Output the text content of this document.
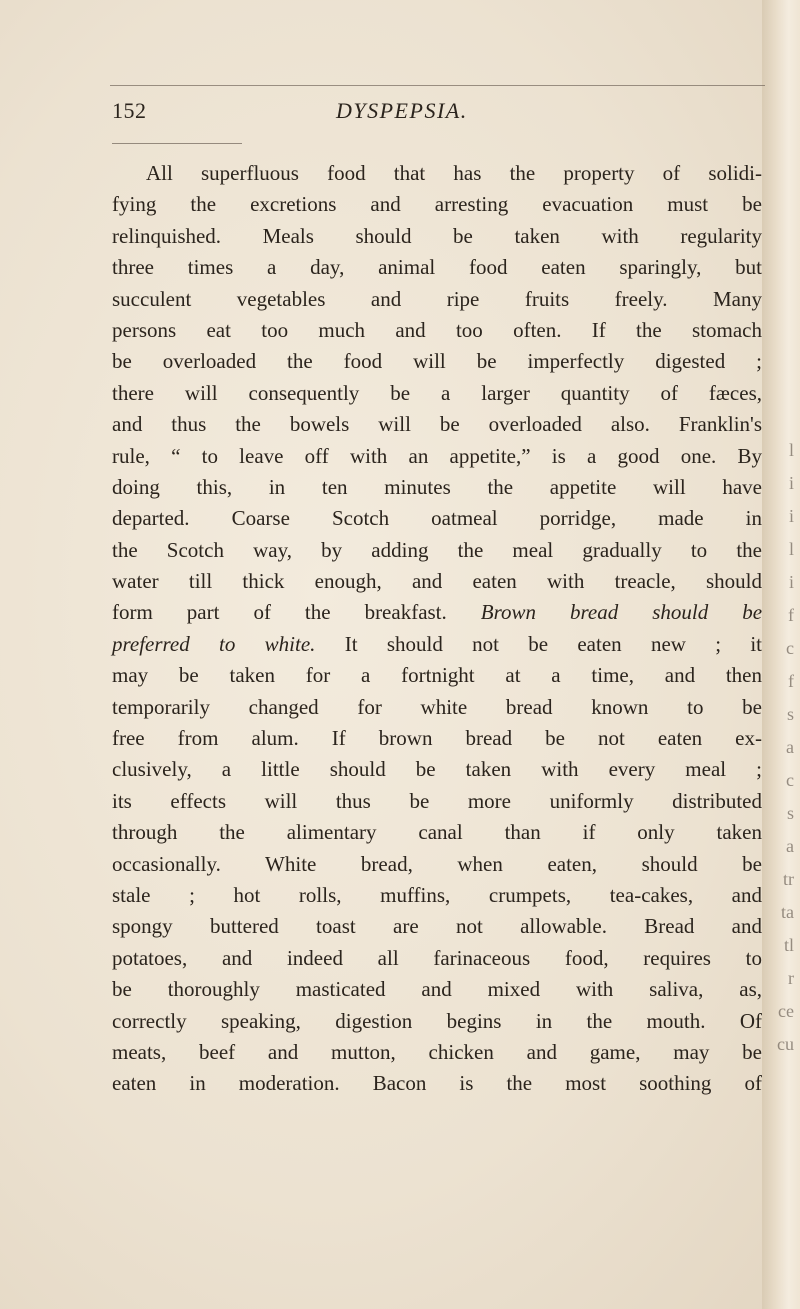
l
i
i
l
i
f
c
f
s
a
c
s
a
tr
ta
tl
r
ce
cu
152	DYSPEPSIA.
All superfluous food that has the property of solidi-
fying the excretions and arresting evacuation must be
relinquished. Meals should be taken with regularity
three times a day, animal food eaten sparingly, but
succulent vegetables and ripe fruits freely. Many
persons eat too much and too often. If the stomach
be overloaded the food will be imperfectly digested ;
there will consequently be a larger quantity of fæces,
and thus the bowels will be overloaded also. Franklin's
rule, “ to leave off with an appetite,” is a good one. By
doing this, in ten minutes the appetite will have
departed. Coarse Scotch oatmeal porridge, made in
the Scotch way, by adding the meal gradually to the
water till thick enough, and eaten with treacle, should
form part of the breakfast. Brown bread should be
preferred to white. It should not be eaten new ; it
may be taken for a fortnight at a time, and then
temporarily changed for white bread known to be
free from alum. If brown bread be not eaten ex-
clusively, a little should be taken with every meal ;
its effects will thus be more uniformly distributed
through the alimentary canal than if only taken
occasionally. White bread, when eaten, should be
stale ; hot rolls, muffins, crumpets, tea-cakes, and
spongy buttered toast are not allowable. Bread and
potatoes, and indeed all farinaceous food, requires to
be thoroughly masticated and mixed with saliva, as,
correctly speaking, digestion begins in the mouth. Of
meats, beef and mutton, chicken and game, may be
eaten in moderation. Bacon is the most soothing of
